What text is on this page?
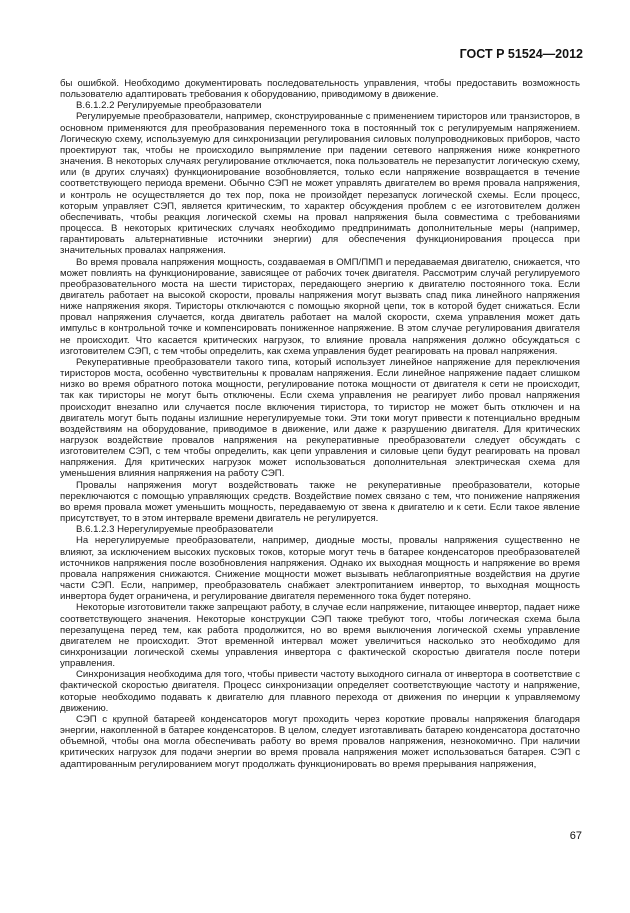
ГОСТ Р 51524—2012

бы ошибкой. Необходимо документировать последовательность управления, чтобы предоставить возможность пользователю адаптировать требования к оборудованию, приводимому в движение.

В.6.1.2.2 Регулируемые преобразователи

Регулируемые преобразователи, например, сконструированные с применением тиристоров или транзисторов, в основном применяются для преобразования переменного тока в постоянный ток с регулируемым напряжением. Логическую схему, используемую для синхронизации регулирования силовых полупроводниковых приборов, часто проектируют так, чтобы не происходило выпрямление при падении сетевого напряжения ниже конкретного значения. В некоторых случаях регулирование отключается, пока пользователь не перезапустит логическую схему, или (в других случаях) функционирование возобновляется, только если напряжение возвращается в течение соответствующего периода времени. Обычно СЭП не может управлять двигателем во время провала напряжения, и контроль не осуществляется до тех пор, пока не произойдет перезапуск логической схемы. Если процесс, которым управляет СЭП, является критическим, то характер обсуждения проблем с ее изготовителем должен обеспечивать, чтобы реакция логической схемы на провал напряжения была совместима с требованиями процесса. В некоторых критических случаях необходимо предпринимать дополнительные меры (например, гарантировать альтернативные источники энергии) для обеспечения функционирования процесса при значительных провалах напряжения.

Во время провала напряжения мощность, создаваемая в ОМП/ПМП и передаваемая двигателю, снижается, что может повлиять на функционирование, зависящее от рабочих точек двигателя. Рассмотрим случай регулируемого преобразовательного моста на шести тиристорах, передающего энергию к двигателю постоянного тока. Если двигатель работает на высокой скорости, провалы напряжения могут вызвать спад пика линейного напряжения ниже напряжения якоря. Тиристоры отключаются с помощью якорной цепи, ток в которой будет снижаться. Если провал напряжения случается, когда двигатель работает на малой скорости, схема управления может дать импульс в контрольной точке и компенсировать пониженное напряжение. В этом случае регулирования двигателя не происходит. Что касается критических нагрузок, то влияние провала напряжения должно обсуждаться с изготовителем СЭП, с тем чтобы определить, как схема управления будет реагировать на провал напряжения.

Рекуперативные преобразователи такого типа, который использует линейное напряжение для переключения тиристоров моста, особенно чувствительны к провалам напряжения. Если линейное напряжение падает слишком низко во время обратного потока мощности, регулирование потока мощности от двигателя к сети не происходит, так как тиристоры не могут быть отключены. Если схема управления не реагирует либо провал напряжения происходит внезапно или случается после включения тиристора, то тиристор не может быть отключен и на двигатель могут быть поданы излишние нерегулируемые токи. Эти токи могут привести к потенциально вредным воздействиям на оборудование, приводимое в движение, или даже к разрушению двигателя. Для критических нагрузок воздействие провалов напряжения на рекуперативные преобразователи следует обсуждать с изготовителем СЭП, с тем чтобы определить, как цепи управления и силовые цепи будут реагировать на провал напряжения. Для критических нагрузок может использоваться дополнительная электрическая схема для уменьшения влияния напряжения на работу СЭП.

Провалы напряжения могут воздействовать также не рекуперативные преобразователи, которые переключаются с помощью управляющих средств. Воздействие помех связано с тем, что понижение напряжения во время провала может уменьшить мощность, передаваемую от звена к двигателю и к сети. Если такое явление присутствует, то в этом интервале времени двигатель не регулируется.

В.6.1.2.3 Нерегулируемые преобразователи

На нерегулируемые преобразователи, например, диодные мосты, провалы напряжения существенно не влияют, за исключением высоких пусковых токов, которые могут течь в батарее конденсаторов преобразователей источников напряжения после возобновления напряжения. Однако их выходная мощность и напряжение во время провала напряжения снижаются. Снижение мощности может вызывать неблагоприятные воздействия на другие части СЭП. Если, например, преобразователь снабжает электропитанием инвертор, то выходная мощность инвертора будет ограничена, и регулирование двигателя переменного тока будет потеряно.

Некоторые изготовители также запрещают работу, в случае если напряжение, питающее инвертор, падает ниже соответствующего значения. Некоторые конструкции СЭП также требуют того, чтобы логическая схема была перезапущена перед тем, как работа продолжится, но во время выключения логической схемы управление двигателем не происходит. Этот временной интервал может увеличиться насколько это необходимо для синхронизации логической схемы управления инвертора с фактической скоростью двигателя после потери управления.

Синхронизация необходима для того, чтобы привести частоту выходного сигнала от инвертора в соответствие с фактической скоростью двигателя. Процесс синхронизации определяет соответствующие частоту и напряжение, которые необходимо подавать к двигателю для плавного перехода от движения по инерции к управляемому движению.

СЭП с крупной батареей конденсаторов могут проходить через короткие провалы напряжения благодаря энергии, накопленной в батарее конденсаторов. В целом, следует изготавливать батарею конденсатора достаточно объемной, чтобы она могла обеспечивать работу во время провалов напряжения, незнокомично. При наличии критических нагрузок для подачи энергии во время провала напряжения может использоваться батарея. СЭП с адаптированным регулированием могут продолжать функционировать во время прерывания напряжения,

67
